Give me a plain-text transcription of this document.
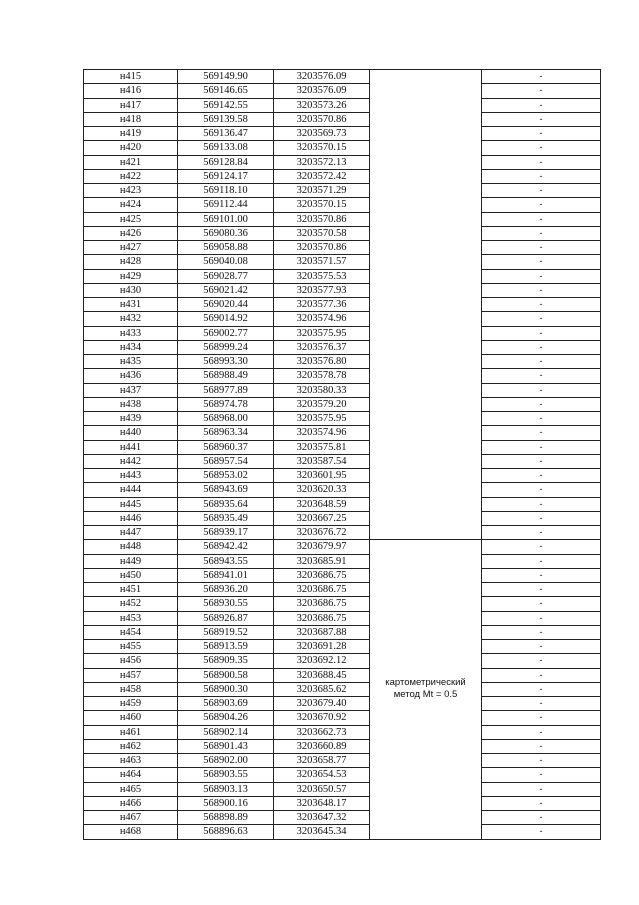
н415	569149.90	3203576.09		-
н416	569146.65	3203576.09		-
н417	569142.55	3203573.26		-
н418	569139.58	3203570.86		-
н419	569136.47	3203569.73		-
н420	569133.08	3203570.15		-
н421	569128.84	3203572.13		-
н422	569124.17	3203572.42		-
н423	569118.10	3203571.29		-
н424	569112.44	3203570.15		-
н425	569101.00	3203570.86		-
н426	569080.36	3203570.58		-
н427	569058.88	3203570.86		-
н428	569040.08	3203571.57		-
н429	569028.77	3203575.53		-
н430	569021.42	3203577.93		-
н431	569020.44	3203577.36		-
н432	569014.92	3203574.96		-
н433	569002.77	3203575.95		-
н434	568999.24	3203576.37		-
н435	568993.30	3203576.80		-
н436	568988.49	3203578.78		-
н437	568977.89	3203580.33		-
н438	568974.78	3203579.20		-
н439	568968.00	3203575.95		-
н440	568963.34	3203574.96		-
н441	568960.37	3203575.81		-
н442	568957.54	3203587.54		-
н443	568953.02	3203601.95		-
н444	568943.69	3203620.33		-
н445	568935.64	3203648.59		-
н446	568935.49	3203667.25		-
н447	568939.17	3203676.72		-
н448	568942.42	3203679.97	картометрический
метод Mt = 0.5	-
н449	568943.55	3203685.91		-
н450	568941.01	3203686.75		-
н451	568936.20	3203686.75		-
н452	568930.55	3203686.75		-
н453	568926.87	3203686.75		-
н454	568919.52	3203687.88		-
н455	568913.59	3203691.28		-
н456	568909.35	3203692.12		-
н457	568900.58	3203688.45		-
н458	568900.30	3203685.62		-
н459	568903.69	3203679.40		-
н460	568904.26	3203670.92		-
н461	568902.14	3203662.73		-
н462	568901.43	3203660.89		-
н463	568902.00	3203658.77		-
н464	568903.55	3203654.53		-
н465	568903.13	3203650.57		-
н466	568900.16	3203648.17		-
н467	568898.89	3203647.32		-
н468	568896.63	3203645.34		-
